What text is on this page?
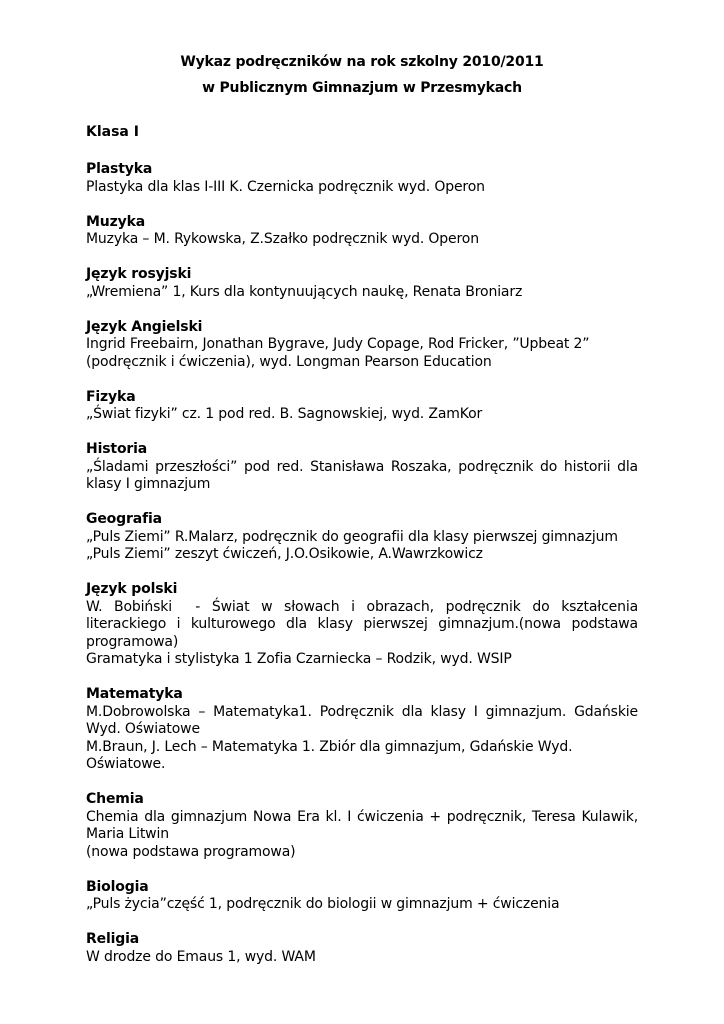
Wykaz podręczników na rok szkolny 2010/2011
w Publicznym Gimnazjum w Przesmykach
Klasa I
Plastyka
Plastyka dla klas I-III K. Czernicka podręcznik wyd. Operon
Muzyka
Muzyka – M. Rykowska, Z.Szałko podręcznik wyd. Operon
Język rosyjski
„Wremiena” 1, Kurs dla kontynuujących naukę, Renata Broniarz
Język Angielski
Ingrid Freebairn, Jonathan Bygrave, Judy Copage, Rod Fricker, ”Upbeat 2” (podręcznik i ćwiczenia), wyd. Longman Pearson Education
Fizyka
„Świat fizyki” cz. 1 pod red. B. Sagnowskiej, wyd. ZamKor
Historia
„Śladami przeszłości” pod red. Stanisława Roszaka, podręcznik do historii dla klasy I gimnazjum
Geografia
„Puls Ziemi” R.Malarz, podręcznik do geografii dla klasy pierwszej gimnazjum
„Puls Ziemi” zeszyt ćwiczeń, J.O.Osikowie, A.Wawrzkowicz
Język polski
W. Bobiński  - Świat w słowach i obrazach, podręcznik do kształcenia literackiego i kulturowego dla klasy pierwszej gimnazjum.(nowa podstawa programowa)
Gramatyka i stylistyka 1 Zofia Czarniecka – Rodzik, wyd. WSIP
Matematyka
M.Dobrowolska – Matematyka1. Podręcznik dla klasy I gimnazjum. Gdańskie Wyd. Oświatowe
M.Braun, J. Lech – Matematyka 1. Zbiór dla gimnazjum, Gdańskie Wyd. Oświatowe.
Chemia
Chemia dla gimnazjum Nowa Era kl. I ćwiczenia + podręcznik, Teresa Kulawik, Maria Litwin
(nowa podstawa programowa)
Biologia
„Puls życia”część 1, podręcznik do biologii w gimnazjum + ćwiczenia
Religia
W drodze do Emaus 1, wyd. WAM
